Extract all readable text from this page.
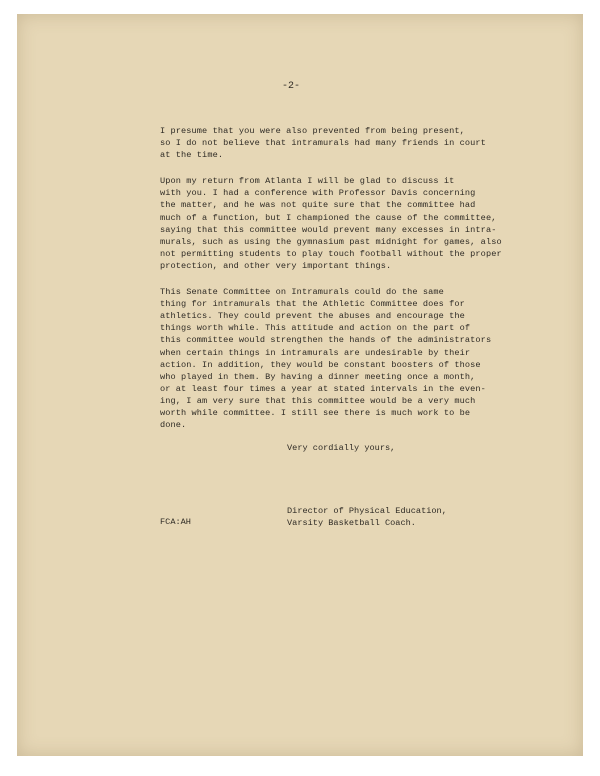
-2-

I presume that you were also prevented from being present,
so I do not believe that intramurals had many friends in court
at the time.

Upon my return from Atlanta I will be glad to discuss it
with you. I had a conference with Professor Davis concerning
the matter, and he was not quite sure that the committee had
much of a function, but I championed the cause of the committee,
saying that this committee would prevent many excesses in intra-
murals, such as using the gymnasium past midnight for games, also
not permitting students to play touch football without the proper
protection, and other very important things.

This Senate Committee on Intramurals could do the same
thing for intramurals that the Athletic Committee does for
athletics. They could prevent the abuses and encourage the
things worth while. This attitude and action on the part of
this committee would strengthen the hands of the administrators
when certain things in intramurals are undesirable by their
action. In addition, they would be constant boosters of those
who played in them. By having a dinner meeting once a month,
or at least four times a year at stated intervals in the even-
ing, I am very sure that this committee would be a very much
worth while committee. I still see there is much work to be
done.

Very cordially yours,
Director of Physical Education,
Varsity Basketball Coach.
FCA:AH
